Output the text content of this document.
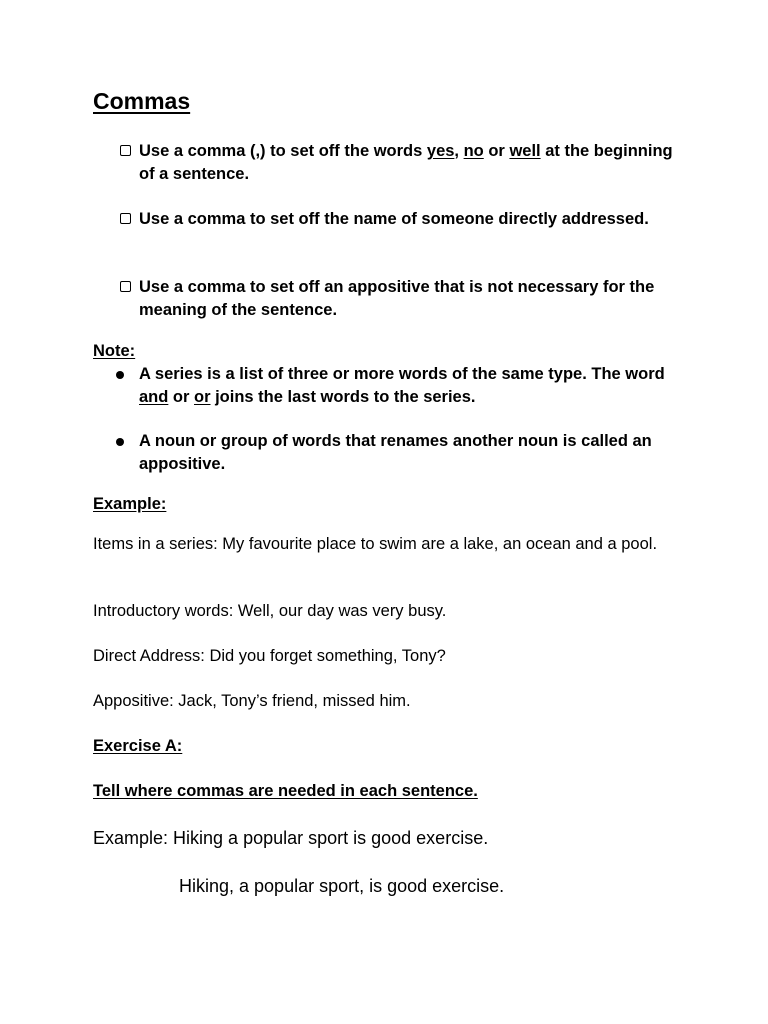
Commas
Use a comma (,) to set off the words yes, no or well at the beginning of a sentence.
Use a comma to set off the name of someone directly addressed.
Use a comma to set off an appositive that is not necessary for the meaning of the sentence.
Note:
A series is a list of three or more words of the same type. The word and or or joins the last words to the series.
A noun or group of words that renames another noun is called an appositive.
Example:
Items in a series: My favourite place to swim are a lake, an ocean and a pool.
Introductory words: Well, our day was very busy.
Direct Address: Did you forget something, Tony?
Appositive: Jack, Tony’s friend, missed him.
Exercise A:
Tell where commas are needed in each sentence.
Example: Hiking a popular sport is good exercise.
Hiking, a popular sport, is good exercise.
